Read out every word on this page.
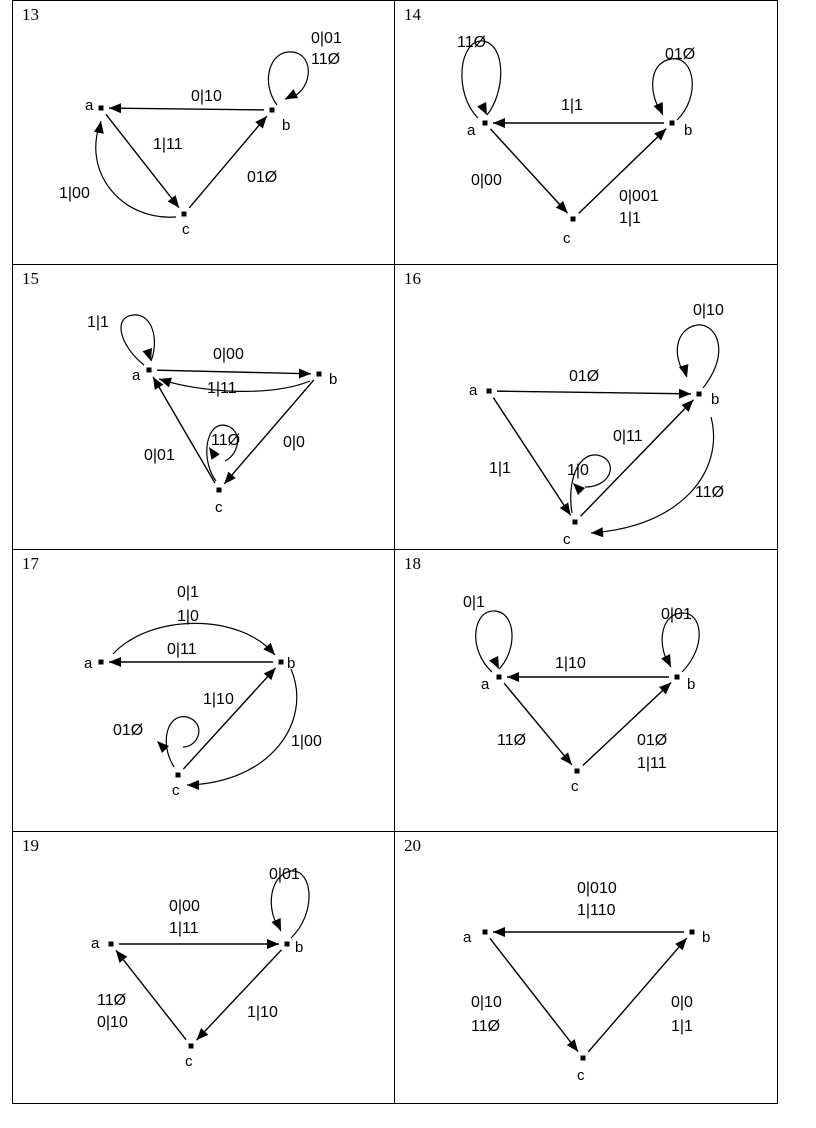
13
a
b
c
0|10
1|11
01Ø
1|00
0|01
11Ø
14
a	b
c
11Ø
1|1
01Ø
0|00
0|001
1|1
15
a	b
c
1|1
0|00
1|11
0|0
0|01
11Ø
16
a
b
c
01Ø
0|10
1|1
0|11
1|0
11Ø
17
a	b
c
0|1
1|0
0|11
1|10
01Ø
1|00
18
a	b
c
0|1
0|01
1|10
11Ø	01Ø
1|11
19
a	b
c
0|00
1|11
0|01
11Ø
0|10
1|10
20
a	b
c
0|010
1|110
0|10
11Ø
0|0
1|1
